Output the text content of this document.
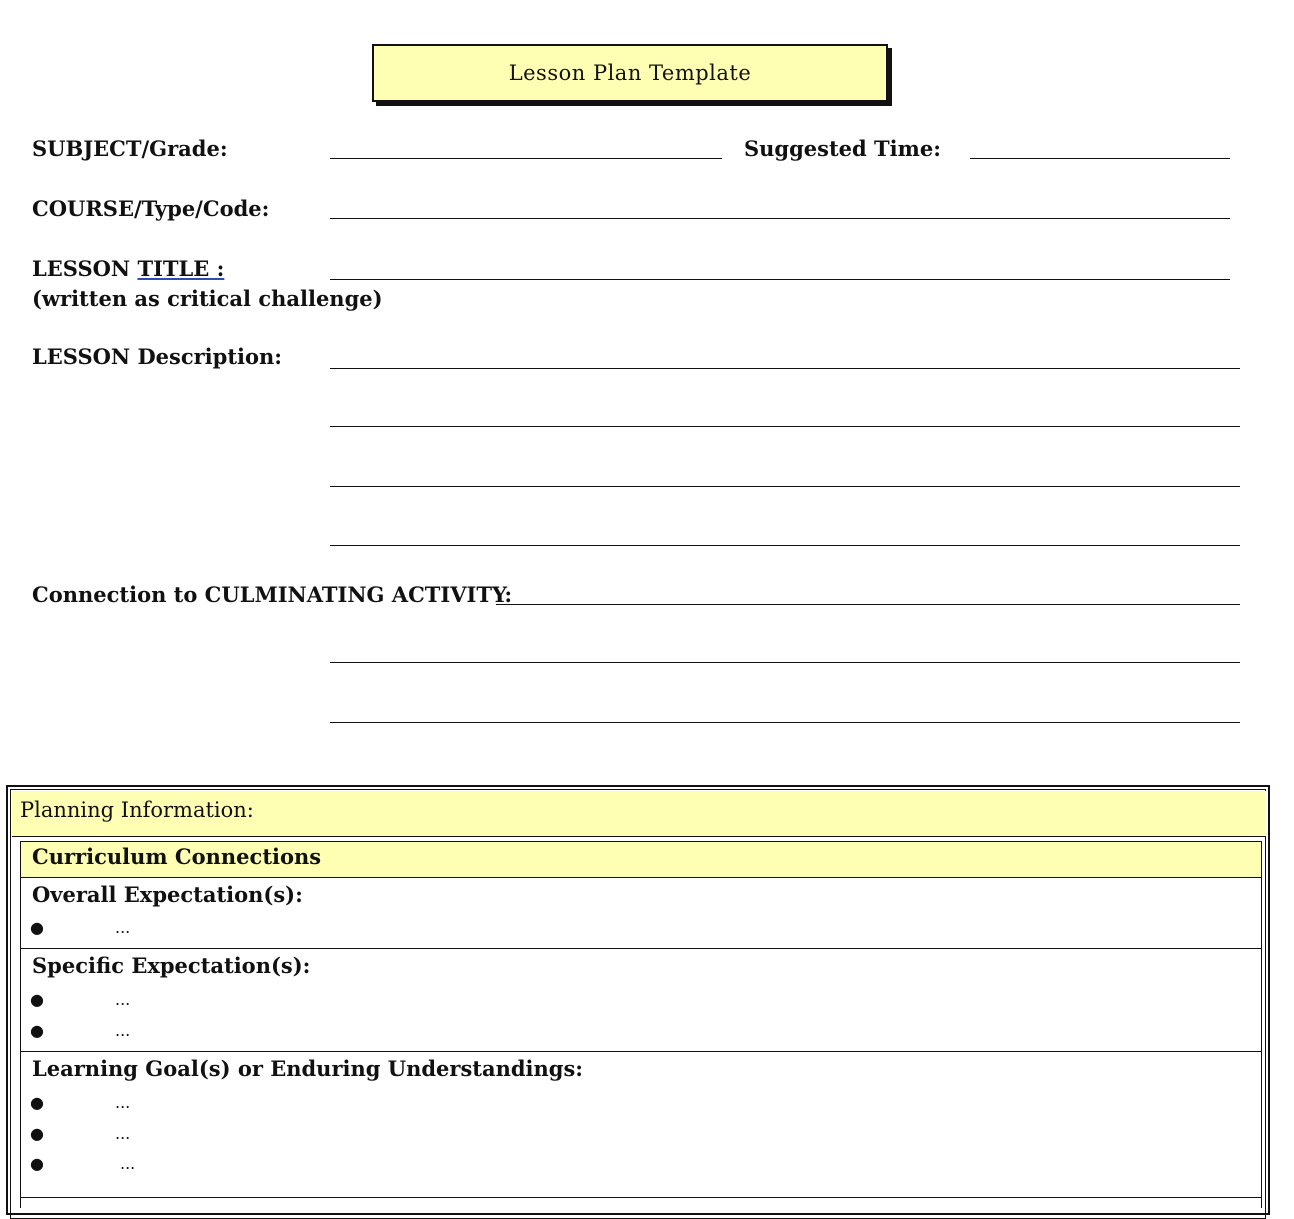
Lesson Plan Template
SUBJECT/Grade:	Suggested Time:
COURSE/Type/Code:
LESSON TITLE :
(written as critical challenge)
LESSON Description:
Connection to CULMINATING ACTIVITY:
Planning Information:
Curriculum Connections
Overall Expectation(s):
●	...
Specific Expectation(s):
●	...
●	...
Learning Goal(s) or Enduring Understandings:
●	...
●	...
●	...
